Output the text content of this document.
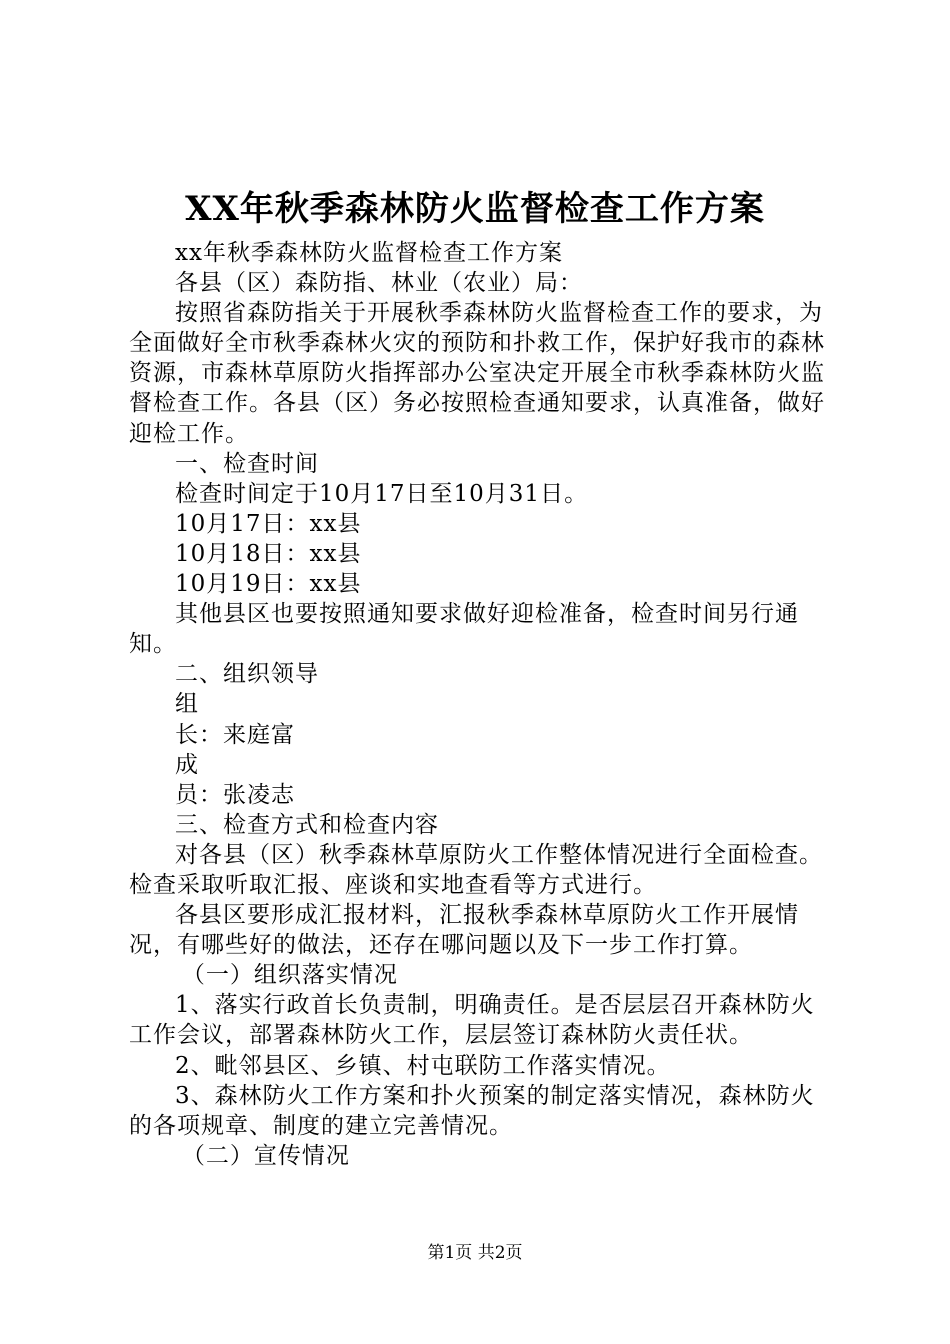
XX年秋季森林防火监督检查工作方案

xx年秋季森林防火监督检查工作方案

各县（区）森防指、林业（农业）局：

按照省森防指关于开展秋季森林防火监督检查工作的要求，为全面做好全市秋季森林火灾的预防和扑救工作，保护好我市的森林资源，市森林草原防火指挥部办公室决定开展全市秋季森林防火监督检查工作。各县（区）务必按照检查通知要求，认真准备，做好迎检工作。

一、检查时间

检查时间定于10月17日至10月31日。

10月17日：xx县

10月18日：xx县

10月19日：xx县

其他县区也要按照通知要求做好迎检准备，检查时间另行通知。

二、组织领导

组

长：来庭富

成

员：张凌志

三、检查方式和检查内容

对各县（区）秋季森林草原防火工作整体情况进行全面检查。检查采取听取汇报、座谈和实地查看等方式进行。

各县区要形成汇报材料，汇报秋季森林草原防火工作开展情况，有哪些好的做法，还存在哪问题以及下一步工作打算。

（一）组织落实情况

1、落实行政首长负责制，明确责任。是否层层召开森林防火工作会议，部署森林防火工作，层层签订森林防火责任状。

2、毗邻县区、乡镇、村屯联防工作落实情况。

3、森林防火工作方案和扑火预案的制定落实情况，森林防火的各项规章、制度的建立完善情况。

（二）宣传情况

第1页 共2页
